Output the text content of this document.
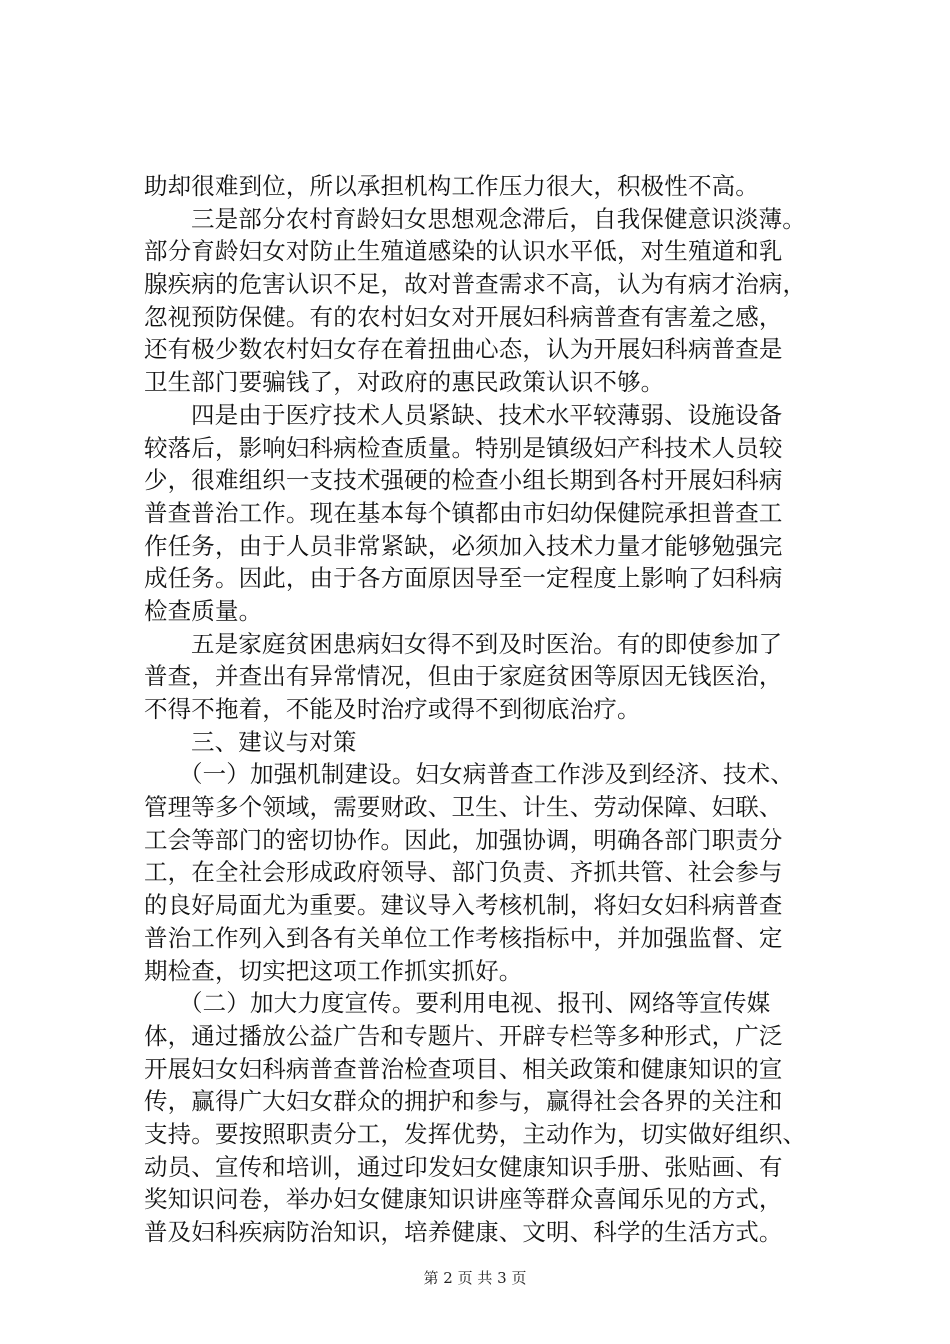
助却很难到位，所以承担机构工作压力很大，积极性不高。
三是部分农村育龄妇女思想观念滞后，自我保健意识淡薄。
部分育龄妇女对防止生殖道感染的认识水平低，对生殖道和乳
腺疾病的危害认识不足，故对普查需求不高，认为有病才治病，
忽视预防保健。有的农村妇女对开展妇科病普查有害羞之感，
还有极少数农村妇女存在着扭曲心态，认为开展妇科病普查是
卫生部门要骗钱了，对政府的惠民政策认识不够。
四是由于医疗技术人员紧缺、技术水平较薄弱、设施设备
较落后，影响妇科病检查质量。特别是镇级妇产科技术人员较
少，很难组织一支技术强硬的检查小组长期到各村开展妇科病
普查普治工作。现在基本每个镇都由市妇幼保健院承担普查工
作任务，由于人员非常紧缺，必须加入技术力量才能够勉强完
成任务。因此，由于各方面原因导至一定程度上影响了妇科病
检查质量。
五是家庭贫困患病妇女得不到及时医治。有的即使参加了
普查，并查出有异常情况，但由于家庭贫困等原因无钱医治，
不得不拖着，不能及时治疗或得不到彻底治疗。
三、建议与对策
（一）加强机制建设。妇女病普查工作涉及到经济、技术、
管理等多个领域，需要财政、卫生、计生、劳动保障、妇联、
工会等部门的密切协作。因此，加强协调，明确各部门职责分
工，在全社会形成政府领导、部门负责、齐抓共管、社会参与
的良好局面尤为重要。建议导入考核机制，将妇女妇科病普查
普治工作列入到各有关单位工作考核指标中，并加强监督、定
期检查，切实把这项工作抓实抓好。
（二）加大力度宣传。要利用电视、报刊、网络等宣传媒
体，通过播放公益广告和专题片、开辟专栏等多种形式，广泛
开展妇女妇科病普查普治检查项目、相关政策和健康知识的宣
传，赢得广大妇女群众的拥护和参与，赢得社会各界的关注和
支持。要按照职责分工，发挥优势，主动作为，切实做好组织、
动员、宣传和培训，通过印发妇女健康知识手册、张贴画、有
奖知识问卷，举办妇女健康知识讲座等群众喜闻乐见的方式，
普及妇科疾病防治知识，培养健康、文明、科学的生活方式。
第 2 页 共 3 页
